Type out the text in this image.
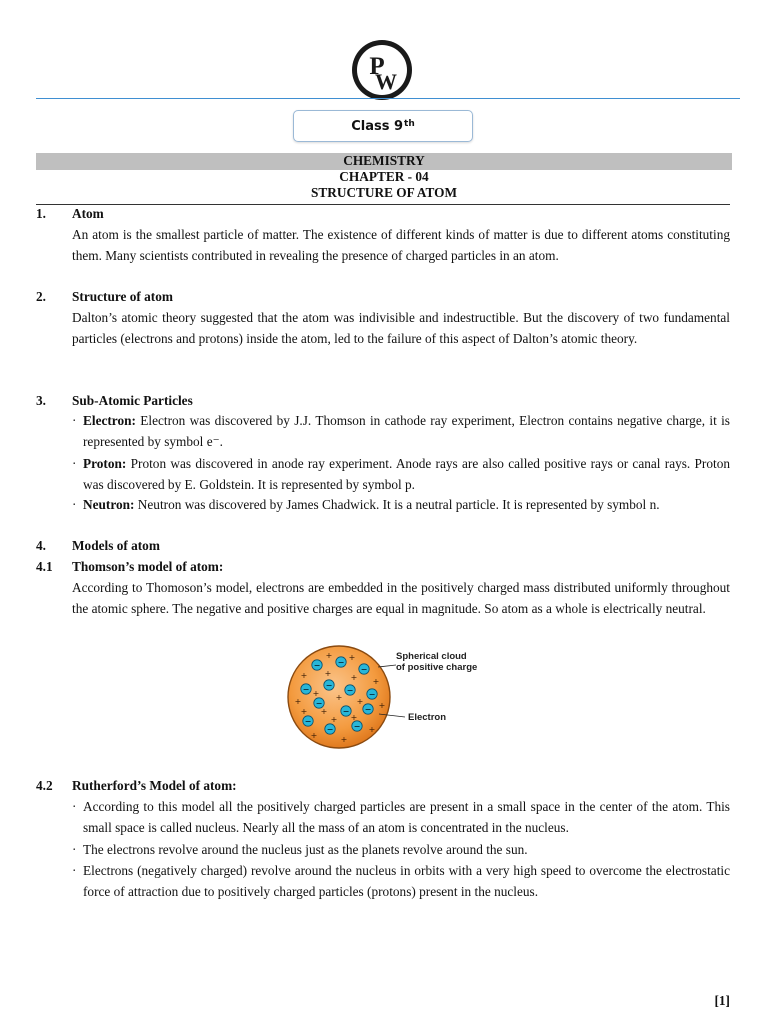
P
W
Class 9th
CHEMISTRY
CHAPTER - 04
STRUCTURE OF ATOM
1. Atom
An atom is the smallest particle of matter. The existence of different kinds of matter is due to different atoms constituting them. Many scientists contributed in revealing the presence of charged particles in an atom.
2. Structure of atom
Dalton’s atomic theory suggested that the atom was indivisible and indestructible. But the discovery of two fundamental particles (electrons and protons) inside the atom, led to the failure of this aspect of Dalton’s atomic theory.
3. Sub-Atomic Particles
· Electron: Electron was discovered by J.J. Thomson in cathode ray experiment, Electron contains negative charge, it is represented by symbol e⁻.
· Proton: Proton was discovered in anode ray experiment. Anode rays are also called positive rays or canal rays. Proton was discovered by E. Goldstein. It is represented by symbol p.
· Neutron: Neutron was discovered by James Chadwick. It is a neutral particle. It is represented by symbol n.
4. Models of atom
4.1 Thomson’s model of atom:
According to Thomoson’s model, electrons are embedded in the positively charged mass distributed uniformly throughout the atomic sphere. The negative and positive charges are equal in magnitude. So atom as a whole is electrically neutral.
− −
−
− −
− −
−
−
−
−	−
−
+ +
+ + + +
+
+ + + +
+
+ +
+	+
+
+
Spherical cloud
of positive charge
Electron
4.2 Rutherford’s Model of atom:
· According to this model all the positively charged particles are present in a small space in the center of the atom. This small space is called nucleus. Nearly all the mass of an atom is concentrated in the nucleus.
· The electrons revolve around the nucleus just as the planets revolve around the sun.
· Electrons (negatively charged) revolve around the nucleus in orbits with a very high speed to overcome the electrostatic force of attraction due to positively charged particles (protons) present in the nucleus.
[1]
